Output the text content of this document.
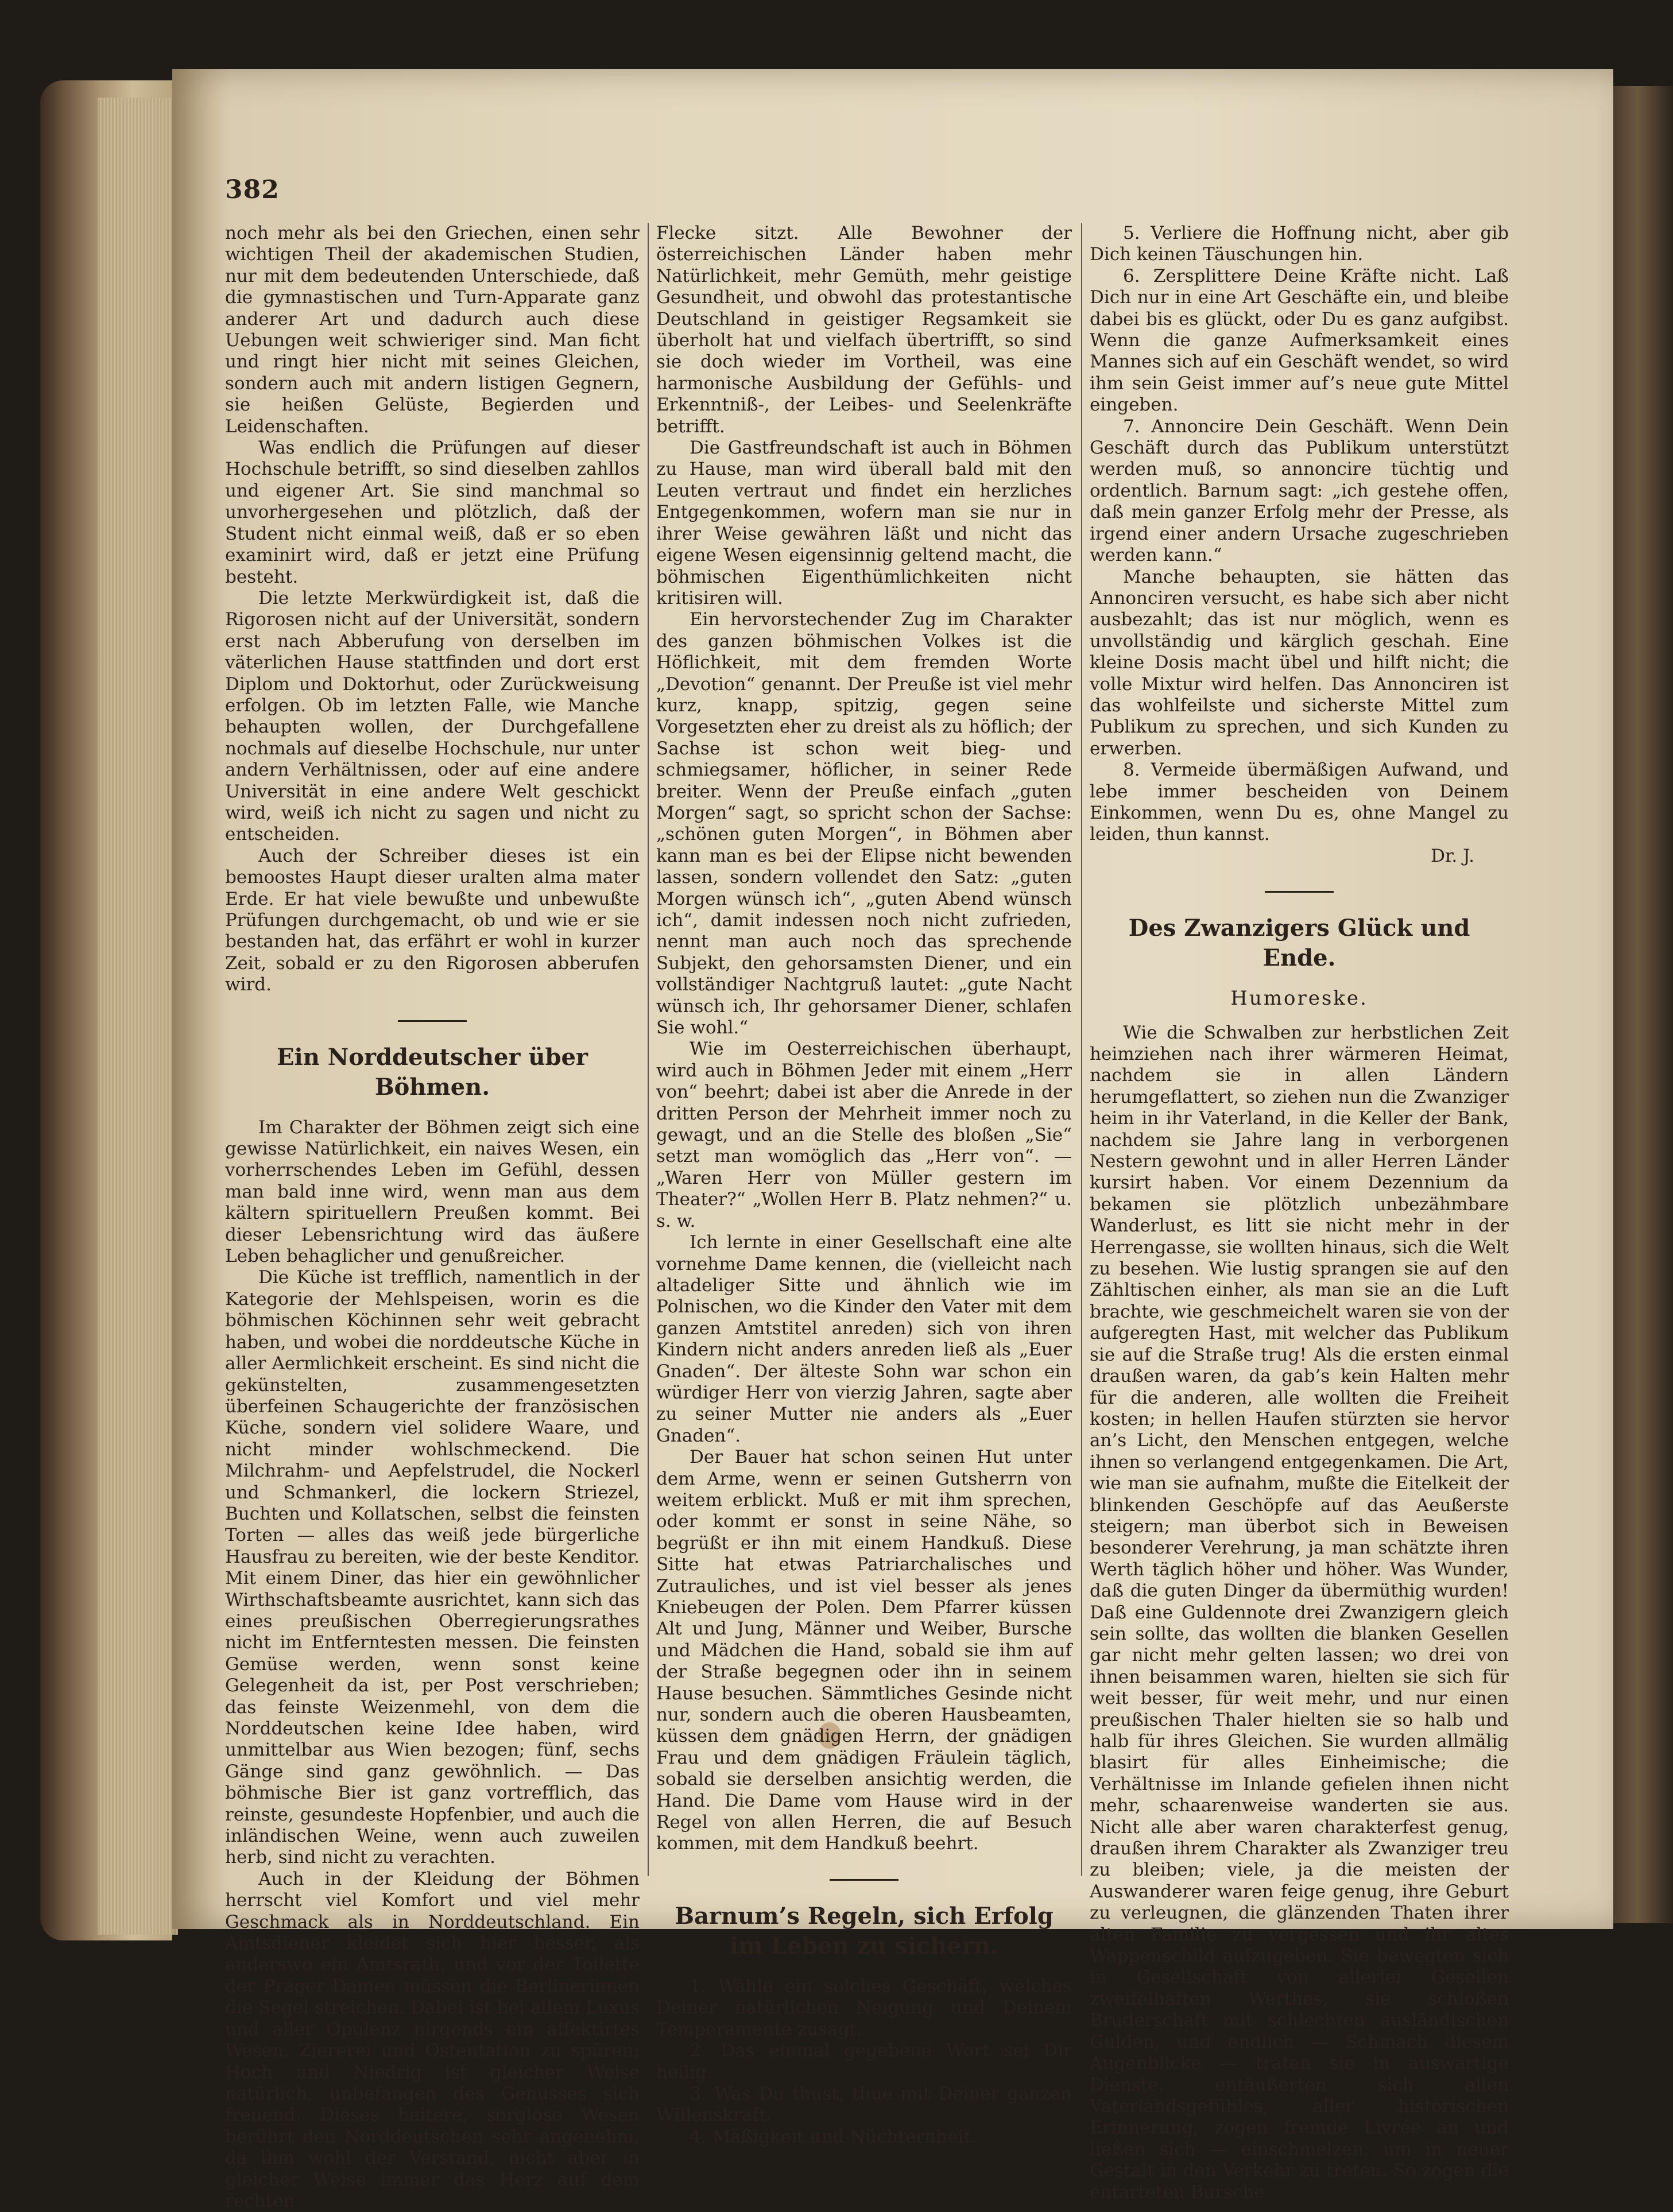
382

noch mehr als bei den Griechen, einen sehr wichtigen Theil der akademischen Studien, nur mit dem bedeutenden Unterschiede, daß die gymnastischen und Turn-Apparate ganz anderer Art und dadurch auch diese Uebungen weit schwieriger sind. Man ficht und ringt hier nicht mit seines Gleichen, sondern auch mit andern listigen Gegnern, sie heißen Gelüste, Begierden und Leidenschaften.

Was endlich die Prüfungen auf dieser Hochschule betrifft, so sind dieselben zahllos und eigener Art. Sie sind manchmal so unvorhergesehen und plötzlich, daß der Student nicht einmal weiß, daß er so eben examinirt wird, daß er jetzt eine Prüfung besteht.

Die letzte Merkwürdigkeit ist, daß die Rigorosen nicht auf der Universität, sondern erst nach Abberufung von derselben im väterlichen Hause stattfinden und dort erst Diplom und Doktorhut, oder Zurückweisung erfolgen. Ob im letzten Falle, wie Manche behaupten wollen, der Durchgefallene nochmals auf dieselbe Hochschule, nur unter andern Verhältnissen, oder auf eine andere Universität in eine andere Welt geschickt wird, weiß ich nicht zu sagen und nicht zu entscheiden.

Auch der Schreiber dieses ist ein bemoostes Haupt dieser uralten alma mater Erde. Er hat viele bewußte und unbewußte Prüfungen durchgemacht, ob und wie er sie bestanden hat, das erfährt er wohl in kurzer Zeit, sobald er zu den Rigorosen abberufen wird.

Ein Norddeutscher über Böhmen.

Im Charakter der Böhmen zeigt sich eine gewisse Natürlichkeit, ein naives Wesen, ein vorherrschendes Leben im Gefühl, dessen man bald inne wird, wenn man aus dem kältern spirituellern Preußen kommt. Bei dieser Lebensrichtung wird das äußere Leben behaglicher und genußreicher.

Die Küche ist trefflich, namentlich in der Kategorie der Mehlspeisen, worin es die böhmischen Köchinnen sehr weit gebracht haben, und wobei die norddeutsche Küche in aller Aermlichkeit erscheint. Es sind nicht die gekünstelten, zusammengesetzten überfeinen Schaugerichte der französischen Küche, sondern viel solidere Waare, und nicht minder wohlschmeckend. Die Milchrahm- und Aepfelstrudel, die Nockerl und Schmankerl, die lockern Striezel, Buchten und Kollatschen, selbst die feinsten Torten — alles das weiß jede bürgerliche Hausfrau zu bereiten, wie der beste Kenditor. Mit einem Diner, das hier ein gewöhnlicher Wirthschaftsbeamte ausrichtet, kann sich das eines preußischen Oberregierungsrathes nicht im Entferntesten messen. Die feinsten Gemüse werden, wenn sonst keine Gelegenheit da ist, per Post verschrieben; das feinste Weizenmehl, von dem die Norddeutschen keine Idee haben, wird unmittelbar aus Wien bezogen; fünf, sechs Gänge sind ganz gewöhnlich. — Das böhmische Bier ist ganz vortrefflich, das reinste, gesundeste Hopfenbier, und auch die inländischen Weine, wenn auch zuweilen herb, sind nicht zu verachten.

Auch in der Kleidung der Böhmen herrscht viel Komfort und viel mehr Geschmack als in Norddeutschland. Ein Amtsdiener kleidet sich hier besser, als anderswo ein Amtsrath, und vor der Toilette der Prager Damen müssen die Berlinerinnen die Segel streichen. Dabei ist bei allem Luxus und aller Opulenz nirgends ein affektirtes Wesen, Ziererei und Ostentation zu spüren; Hoch und Niedrig ist gleicher Weise natürlich, unbefangen des Genusses sich freuend. Dieses heitere, sorglose Wesen berührt den Norddeutschen sehr angenehm, da ihm wohl der Verstand, nicht aber in gleicher Weise immer das Herz auf dem rechten

Flecke sitzt. Alle Bewohner der österreichischen Länder haben mehr Natürlichkeit, mehr Gemüth, mehr geistige Gesundheit, und obwohl das protestantische Deutschland in geistiger Regsamkeit sie überholt hat und vielfach übertrifft, so sind sie doch wieder im Vortheil, was eine harmonische Ausbildung der Gefühls- und Erkenntniß-, der Leibes- und Seelenkräfte betrifft.

Die Gastfreundschaft ist auch in Böhmen zu Hause, man wird überall bald mit den Leuten vertraut und findet ein herzliches Entgegenkommen, wofern man sie nur in ihrer Weise gewähren läßt und nicht das eigene Wesen eigensinnig geltend macht, die böhmischen Eigenthümlichkeiten nicht kritisiren will.

Ein hervorstechender Zug im Charakter des ganzen böhmischen Volkes ist die Höflichkeit, mit dem fremden Worte „Devotion“ genannt. Der Preuße ist viel mehr kurz, knapp, spitzig, gegen seine Vorgesetzten eher zu dreist als zu höflich; der Sachse ist schon weit bieg- und schmiegsamer, höflicher, in seiner Rede breiter. Wenn der Preuße einfach „guten Morgen“ sagt, so spricht schon der Sachse: „schönen guten Morgen“, in Böhmen aber kann man es bei der Elipse nicht bewenden lassen, sondern vollendet den Satz: „guten Morgen wünsch ich“, „guten Abend wünsch ich“, damit indessen noch nicht zufrieden, nennt man auch noch das sprechende Subjekt, den gehorsamsten Diener, und ein vollständiger Nachtgruß lautet: „gute Nacht wünsch ich, Ihr gehorsamer Diener, schlafen Sie wohl.“

Wie im Oesterreichischen überhaupt, wird auch in Böhmen Jeder mit einem „Herr von“ beehrt; dabei ist aber die Anrede in der dritten Person der Mehrheit immer noch zu gewagt, und an die Stelle des bloßen „Sie“ setzt man womöglich das „Herr von“. — „Waren Herr von Müller gestern im Theater?“ „Wollen Herr B. Platz nehmen?“ u. s. w.

Ich lernte in einer Gesellschaft eine alte vornehme Dame kennen, die (vielleicht nach altadeliger Sitte und ähnlich wie im Polnischen, wo die Kinder den Vater mit dem ganzen Amtstitel anreden) sich von ihren Kindern nicht anders anreden ließ als „Euer Gnaden“. Der älteste Sohn war schon ein würdiger Herr von vierzig Jahren, sagte aber zu seiner Mutter nie anders als „Euer Gnaden“.

Der Bauer hat schon seinen Hut unter dem Arme, wenn er seinen Gutsherrn von weitem erblickt. Muß er mit ihm sprechen, oder kommt er sonst in seine Nähe, so begrüßt er ihn mit einem Handkuß. Diese Sitte hat etwas Patriarchalisches und Zutrauliches, und ist viel besser als jenes Kniebeugen der Polen. Dem Pfarrer küssen Alt und Jung, Männer und Weiber, Bursche und Mädchen die Hand, sobald sie ihm auf der Straße begegnen oder ihn in seinem Hause besuchen. Sämmtliches Gesinde nicht nur, sondern auch die oberen Hausbeamten, küssen dem gnädigen Herrn, der gnädigen Frau und dem gnädigen Fräulein täglich, sobald sie derselben ansichtig werden, die Hand. Die Dame vom Hause wird in der Regel von allen Herren, die auf Besuch kommen, mit dem Handkuß beehrt.

Barnum’s Regeln, sich Erfolg im Leben zu sichern.

1. Wähle ein solches Geschäft, welches Deiner natürlichen Neigung und Deinem Temperamente zusagt.

2. Das einmal gegebene Wort sei Dir heilig.

3. Was Du thust, thue mit Deiner ganzen Willenskraft.

4. Mäßigkeit und Nüchternheit.

5. Verliere die Hoffnung nicht, aber gib Dich keinen Täuschungen hin.

6. Zersplittere Deine Kräfte nicht. Laß Dich nur in eine Art Geschäfte ein, und bleibe dabei bis es glückt, oder Du es ganz aufgibst. Wenn die ganze Aufmerksamkeit eines Mannes sich auf ein Geschäft wendet, so wird ihm sein Geist immer auf’s neue gute Mittel eingeben.

7. Annoncire Dein Geschäft. Wenn Dein Geschäft durch das Publikum unterstützt werden muß, so annoncire tüchtig und ordentlich. Barnum sagt: „ich gestehe offen, daß mein ganzer Erfolg mehr der Presse, als irgend einer andern Ursache zugeschrieben werden kann.“

Manche behaupten, sie hätten das Annonciren versucht, es habe sich aber nicht ausbezahlt; das ist nur möglich, wenn es unvollständig und kärglich geschah. Eine kleine Dosis macht übel und hilft nicht; die volle Mixtur wird helfen. Das Annonciren ist das wohlfeilste und sicherste Mittel zum Publikum zu sprechen, und sich Kunden zu erwerben.

8. Vermeide übermäßigen Aufwand, und lebe immer bescheiden von Deinem Einkommen, wenn Du es, ohne Mangel zu leiden, thun kannst.

Dr. J.
Des Zwanzigers Glück und Ende.
Humoreske.

Wie die Schwalben zur herbstlichen Zeit heimziehen nach ihrer wärmeren Heimat, nachdem sie in allen Ländern herumgeflattert, so ziehen nun die Zwanziger heim in ihr Vaterland, in die Keller der Bank, nachdem sie Jahre lang in verborgenen Nestern gewohnt und in aller Herren Länder kursirt haben. Vor einem Dezennium da bekamen sie plötzlich unbezähmbare Wanderlust, es litt sie nicht mehr in der Herrengasse, sie wollten hinaus, sich die Welt zu besehen. Wie lustig sprangen sie auf den Zähltischen einher, als man sie an die Luft brachte, wie geschmeichelt waren sie von der aufgeregten Hast, mit welcher das Publikum sie auf die Straße trug! Als die ersten einmal draußen waren, da gab’s kein Halten mehr für die anderen, alle wollten die Freiheit kosten; in hellen Haufen stürzten sie hervor an’s Licht, den Menschen entgegen, welche ihnen so verlangend entgegenkamen. Die Art, wie man sie aufnahm, mußte die Eitelkeit der blinkenden Geschöpfe auf das Aeußerste steigern; man überbot sich in Beweisen besonderer Verehrung, ja man schätzte ihren Werth täglich höher und höher. Was Wunder, daß die guten Dinger da übermüthig wurden! Daß eine Guldennote drei Zwanzigern gleich sein sollte, das wollten die blanken Gesellen gar nicht mehr gelten lassen; wo drei von ihnen beisammen waren, hielten sie sich für weit besser, für weit mehr, und nur einen preußischen Thaler hielten sie so halb und halb für ihres Gleichen. Sie wurden allmälig blasirt für alles Einheimische; die Verhältnisse im Inlande gefielen ihnen nicht mehr, schaarenweise wanderten sie aus. Nicht alle aber waren charakterfest genug, draußen ihrem Charakter als Zwanziger treu zu bleiben; viele, ja die meisten der Auswanderer waren feige genug, ihre Geburt zu verleugnen, die glänzenden Thaten ihrer alten Familie zu vergessen und ihr altes Wappenschild aufzugeben. Sie bewegten sich in Gesellschaft von allerlei Gesellen zweifelhaften Werthes, sie schloßen Bruderschaft mit schlechten ausländischen Gulden, und endlich — Schmach diesem Augenblicke — traten sie in auswärtige Dienste, entäußerten sich allen Vaterlandsgefühles, aller historischen Erinnerung, zogen fremde Livrée an und ließen sich — einschmelzen, um in neuer Gestalt in den Verkehr zu treten. So zogen die entarteten Bursche
